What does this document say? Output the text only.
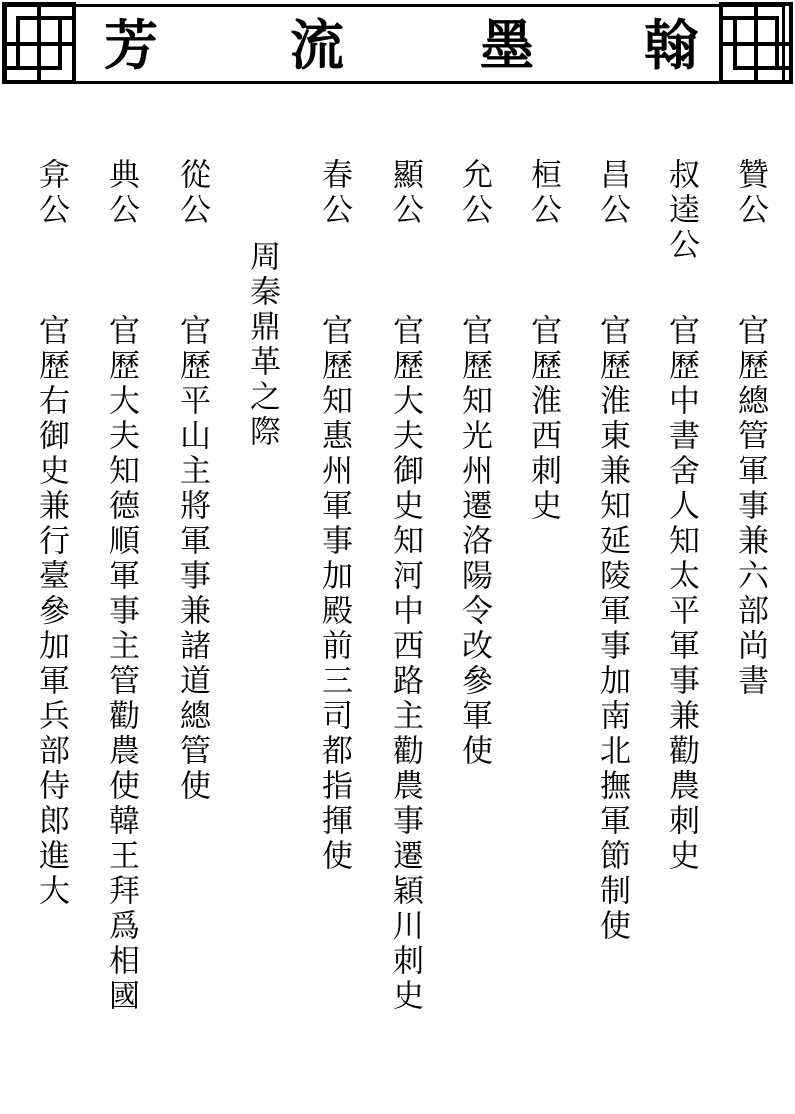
翰
墨
流
芳
贊公
官歷總管軍事兼六部尚書
叔逵公
官歷中書舍人知太平軍事兼勸農刺史
昌公
官歷淮東兼知延陵軍事加南北撫軍節制使
桓公
官歷淮西刺史
允公
官歷知光州遷洛陽令改參軍使
顯公
官歷大夫御史知河中西路主勸農事遷穎川刺史
春公
官歷知惠州軍事加殿前三司都指揮使
周秦鼎革之際
從公
官歷平山主將軍事兼諸道總管使
典公
官歷大夫知德順軍事主管勸農使韓王拜爲相國
弇公
官歷右御史兼行臺參加軍兵部侍郎進大
